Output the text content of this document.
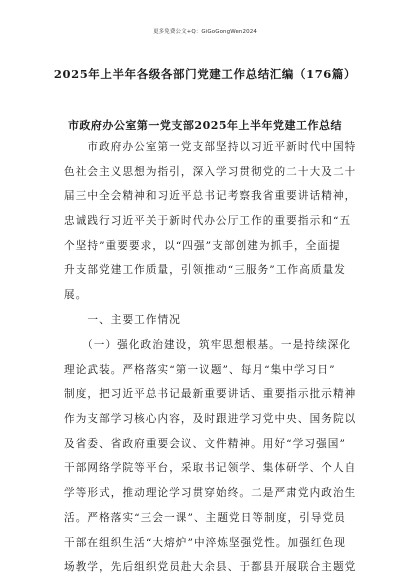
更多免费公文+Q：GiGoGongWen2024
2025年上半年各级各部门党建工作总结汇编（176篇）
市政府办公室第一党支部2025年上半年党建工作总结
　　市政府办公室第一党支部坚持以习近平新时代中国特
色社会主义思想为指引，深入学习贯彻党的二十大及二十
届三中全会精神和习近平总书记考察我省重要讲话精神，
忠诚践行习近平关于新时代办公厅工作的重要指示和“五
个坚持”重要要求，以“四强”支部创建为抓手，全面提
升支部党建工作质量，引领推动“三服务”工作高质量发
展。
　　一、主要工作情况
　　（一）强化政治建设，筑牢思想根基。一是持续深化
理论武装。严格落实“第一议题”、每月“集中学习日”
制度，把习近平总书记最新重要讲话、重要指示批示精神
作为支部学习核心内容，及时跟进学习党中央、国务院以
及省委、省政府重要会议、文件精神。用好“学习强国”
干部网络学院等平台，采取书记领学、集体研学、个人自
学等形式，推动理论学习贯穿始终。二是严肃党内政治生
活。严格落实“三会一课”、主题党日等制度，引导党员
干部在组织生活“大熔炉”中淬炼坚强党性。加强红色现
场教学，先后组织党员赴大余县、于都县开展联合主题党
